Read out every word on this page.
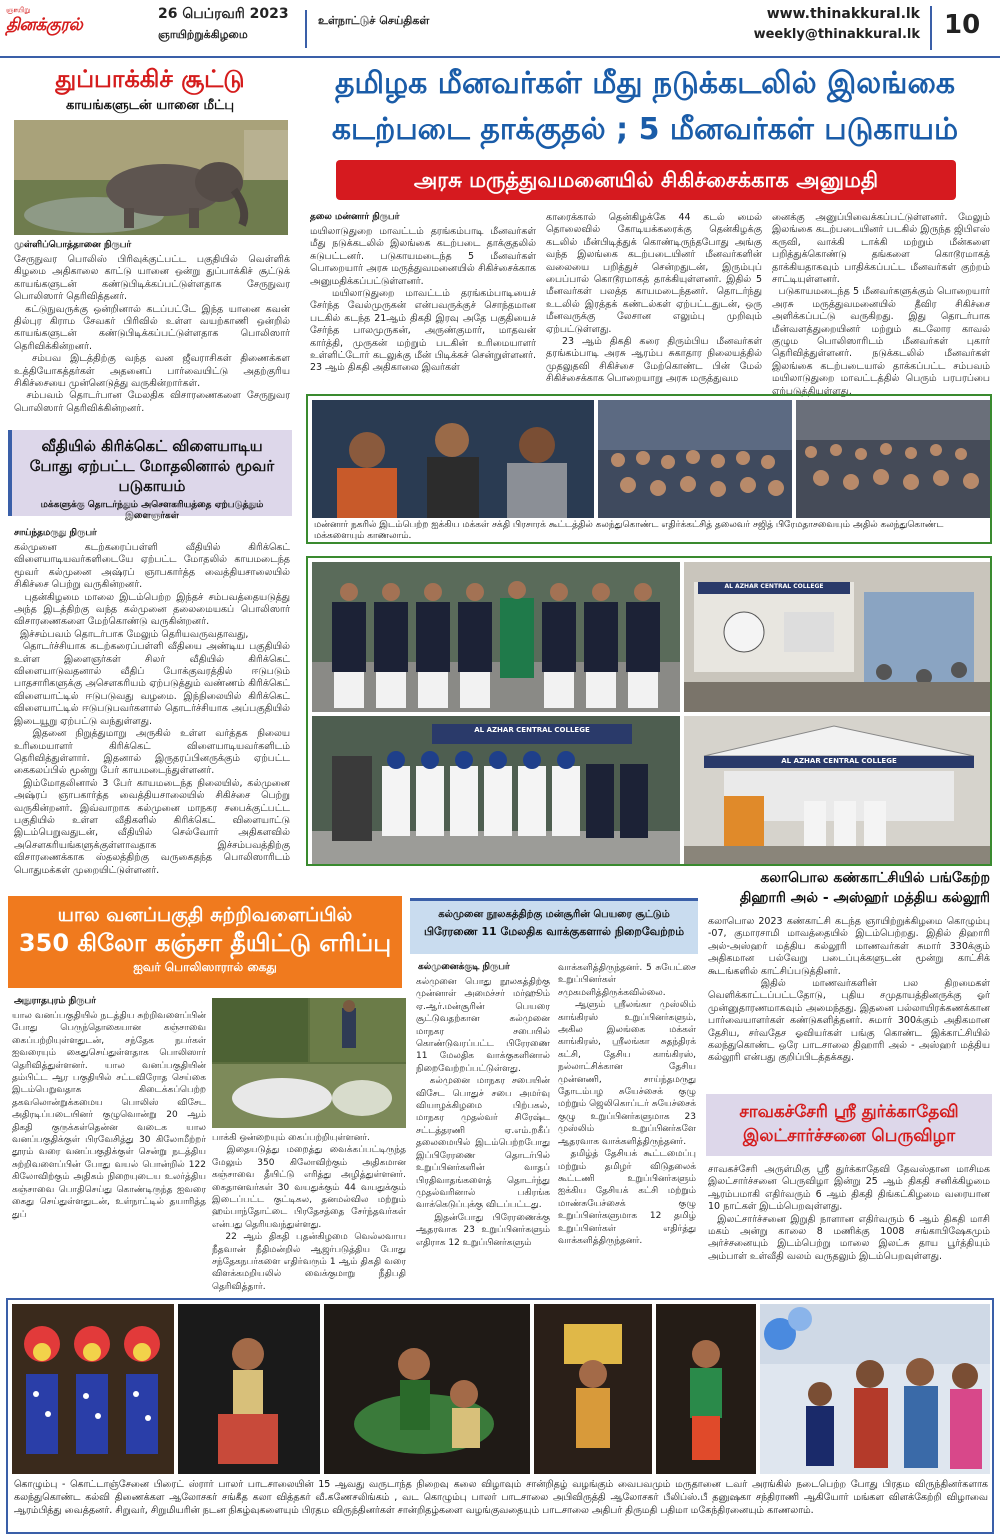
ஞாயிறு
தினக்குரல்
26 பெப்ரவரி 2023
ஞாயிற்றுக்கிழமை
உள்நாட்டுச் செய்திகள்	www.thinakkural.lk
weekly@thinakkural.lk 10
துப்பாக்கிச் சூட்டு
காயங்களுடன் யானை மீட்பு
முள்ளிப்பொத்தானை நிருபர்
சேருநுவர பொலிஸ் பிரிவுக்குட்பட்ட பகுதியில் வெள்ளிக் கிழமை அதிகாலை காட்டு யானை ஒன்று துப்பாக்கிச் சூட்டுக் காயங்களுடன் கண்டுபிடிக்கப்பட்டுள்ளதாக சேருநுவர பொலிஸார் தெரிவித்தனர்.
கட்டுநுவருக்கு ஒன்றினால் கடப்பட்டே இந்த யானை கவன் தில்புர கிராம சேவகர் பிரிவில் உள்ள வயற்காணி ஒன்றில் காயங்களுடன் கண்டுபிடிக்கப்பட்டுள்ளதாக பொலிஸார் தெரிவிக்கின்றனர்.
சம்பவ இடத்திற்கு வந்த வன ஜீவராசிகள் திணைக்கள உத்தியோகத்தர்கள் அதனைப் பார்வையிட்டு அதற்குரிய சிகிச்சையை முன்னெடுத்து வருகின்றார்கள்.
சம்பவம் தொடர்பான மேலதிக விசாரணைகளை சேருநுவர பொலிஸார் தெரிவிக்கின்றனர்.
வீதியில் கிரிக்கெட் விளையாடிய போது ஏற்பட்ட மோதலினால் மூவர் படுகாயம்
மக்களுக்கு தொடர்ந்தும் அசௌகரியத்தை ஏற்படுத்தும் இளைஞர்கள்
சாய்ந்தமருது நிருபர்
கல்முனை கடற்கரைப்பள்ளி வீதியில் கிரிக்கெட் விளையாடியவர்களிடையே ஏற்பட்ட மோதலில் காயமடைந்த மூவர் கல்முனை அஷ்ரப் ஞாபகார்த்த வைத்தியசாலையில் சிகிச்சை பெற்று வருகின்றனர்.
புதன்கிழமை மாலை இடம்பெற்ற இந்தச் சம்பவத்தையடுத்து அந்த இடத்திற்கு வந்த கல்முனை தலைமையகப் பொலிஸார் விசாரணைகளை மேற்கொண்டு வருகின்றனர்.
இச்சம்பவம் தொடர்பாக மேலும் தெரியவருவதாவது,
தொடர்ச்சியாக கடற்கரைப்பள்ளி வீதியை அண்டிய பகுதியில் உள்ள இளைஞர்கள் சிலர் வீதியில் கிரிக்கெட் விளையாடுவதனால் வீதிப் போக்குவரத்தில் ஈடுபடும் பாதசாரிகளுக்கு அசௌகரியம் ஏற்படுத்தும் வண்ணம் கிரிக்கெட் விளையாட்டில் ஈடுபடுவது வழமை. இந்நிலையில் கிரிக்கெட் விளையாட்டில் ஈடுபடுபவர்களால் தொடர்ச்சியாக அப்பகுதியில் இடையூறு ஏற்பட்டு வந்துள்ளது.
இதனை நிறுத்துமாறு அருகில் உள்ள வர்த்தக நிலைய உரிமையாளர் கிரிக்கெட் விளையாடியவர்களிடம் தெரிவித்துள்ளார். இதனால் இருதரப்பினருக்கும் ஏற்பட்ட கைகலப்பில் மூன்று பேர் காயமடைந்துள்ளனர்.
இம்மோதலினால் 3 பேர் காயமடைந்த நிலையில், கல்முனை அஷ்ரப் ஞாபகார்த்த வைத்தியசாலையில் சிகிச்சை பெற்று வருகின்றனர். இவ்வாறாக கல்முனை மாநகர சபைக்குட்பட்ட பகுதியில் உள்ள வீதிகளில் கிரிக்கெட் விளையாட்டு இடம்பெறுவதுடன், வீதியில் செல்வோர் அதிகளவில் அசௌகரியங்களுக்குள்ளாவதாக இச்சம்பவத்திற்கு விசாரணைக்காக ஸ்தலத்திற்கு வருகைதந்த பொலிஸாரிடம் பொதுமக்கள் முறையிட்டுள்ளனர்.
தமிழக மீனவர்கள் மீது நடுக்கடலில் இலங்கை
கடற்படை தாக்குதல் ; 5 மீனவர்கள் படுகாயம்
அரசு மருத்துவமனையில் சிகிச்சைக்காக அனுமதி
தலை மன்னார் நிருபர்
மயிலாடுதுறை மாவட்டம் தரங்கம்பாடி மீனவர்கள் மீது நடுக்கடலில் இலங்கை கடற்படை தாக்குதலில் சுடுபட்டனர். படுகாயமடைந்த 5 மீனவர்கள் பொறையார் அரசு மருத்துவமனையில் சிகிச்சைக்காக அனுமதிக்கப்பட்டுள்ளனர்.
மயிலாடுதுறை மாவட்டம் தரங்கம்பாடியைச் சேர்ந்த வேல்முருகன் என்பவருக்குச் சொந்தமான படகில் கடந்த 21ஆம் திகதி இரவு அதே பகுதியைச் சேர்ந்த பாலமுருகன், அருண்குமார், மாதவன் கார்த்தி, முருகன் மற்றும் படகின் உரிமையாளர் உள்ளிட்டோர் கடலுக்கு மீன் பிடிக்கச் சென்றுள்ளனர். 23 ஆம் திகதி அதிகாலை இவர்கள்
காரைக்கால் தென்கிழக்கே 44 கடல் மைல் தொலைவில் கோடியக்கரைக்கு தென்கிழக்கு கடலில் மீன்பிடித்துக் கொண்டிருந்தபோது அங்கு வந்த இலங்கை கடற்படையினர் மீனவர்களின் வலையை பறித்துச் சென்றதுடன், இரும்புப் பைப்பால் கொடூரமாகத் தாக்கியுள்ளனர். இதில் 5 மீனவர்கள் பலத்த காயமடைந்தனர். தொடர்ந்து உடலில் இரத்தக் கண்டல்கள் ஏற்பட்டதுடன், ஒரு மீனவருக்கு லேசான எலும்பு முறிவும் ஏற்பட்டுள்ளது.
23 ஆம் திகதி கரை திரும்பிய மீனவர்கள் தரங்கம்பாடி அரசு ஆரம்ப சுகாதார நிலையத்தில் முதலுதவி சிகிச்சை மேற்கொண்ட பின் மேல் சிகிச்சைக்காக பொறையாறு அரசு மருத்துவம
னைக்கு அனுப்பிவைக்கப்பட்டுள்ளனர். மேலும் இலங்கை கடற்படையினர் படகில் இருந்த ஜிபிஎஸ் கருவி, வாக்கி டாக்கி மற்றும் மீன்களை பறித்துக்கொண்டு தங்களை கொடூரமாகத் தாக்கியதாகவும் பாதிக்கப்பட்ட மீனவர்கள் குற்றம் சாட்டியுள்ளனர்.
படுகாயமடைந்த 5 மீனவர்களுக்கும் பொறையார் அரசு மருத்துவமனையில் தீவிர சிகிச்சை அளிக்கப்பட்டு வருகிறது. இது தொடர்பாக மீன்வளத்துறையினர் மற்றும் கடலோர காவல் குழும பொலிஸாரிடம் மீனவர்கள் புகார் தெரிவித்துள்ளனர். நடுக்கடலில் மீனவர்கள் இலங்கை கடற்படையால் தாக்கப்பட்ட சம்பவம் மயிலாடுதுறை மாவட்டத்தில் பெரும் பரபரப்பை ஏற்படுத்தியுள்ளது.
மன்னார் நகரில் இடம்பெற்ற ஐக்கிய மக்கள் சக்தி பிரசாரக் கூட்டத்தில் கலந்துகொண்ட எதிர்க்கட்சித் தலைவர் சஜித் பிரேமதாசவையும் அதில் கலந்துகொண்ட மக்களையும் காணலாம்.
AL AZHAR CENTRAL COLLEGE
AL AZHAR CENTRAL COLLEGE
AL AZHAR CENTRAL COLLEGE
கலாபொல கண்காட்சியில் பங்கேற்ற
திஹாரி அல் - அஸ்ஹர் மத்திய கல்லூரி
கலாபொல 2023 கண்காட்சி கடந்த ஞாயிற்றுக்கிழமை கொழும்பு -07, குமாரசாமி மாவத்தையில் இடம்பெற்றது. இதில் திஹாரி அல்-அஸ்ஹர் மத்திய கல்லூரி மாணவர்கள் சுமார் 330க்கும் அதிகமான பல்வேறு படைப்புக்களுடன் மூன்று காட்சிக் கூடங்களில் காட்சிப்படுத்தினர்.
இதில் மாணவர்களின் பல திறமைகள் வெளிக்காட்டப்பட்டதோடு, புதிய சமுதாயத்தினருக்கு ஓர் முன்னுதாரணமாகவும் அமைந்தது. இதனை பல்லாயிரக்கணக்கான பார்வையாளர்கள் கண்டுகளித்தனர். சுமார் 300க்கும் அதிகமான தேசிய, சர்வதேச ஓவியர்கள் பங்கு கொண்ட இக்காட்சியில் கலந்துகொண்ட ஒரே பாடசாலை திஹாரி அல் - அஸ்ஹர் மத்திய கல்லூரி என்பது குறிப்பிடத்தக்கது.
யால வனப்பகுதி சுற்றிவளைப்பில்
350 கிலோ கஞ்சா தீயிட்டு எரிப்பு
ஐவர் பொலிஸாரால் கைது
அநுராதபுரம் நிருபர்
யால வனப்பகுதியில் நடத்திய சுற்றிவளைப்பின் போது பெருந்தொகையான கஞ்சாவை கைப்பற்றியுள்ளதுடன், சந்தேக நபர்கள் ஐவரையும் கைதுசெய்துள்ளதாக பொலிஸார் தெரிவித்துள்ளனர். யால வனப்பகுதியின் தம்பிட்ட ஆர பகுதியில் சட்டவிரோத செய்கை இடம்பெறுவதாக கிடைக்கப்பெற்ற தகவலொன்றுக்கமைய பொலிஸ் விசேட அதிரடிப்படையினர் குழுவொன்று 20 ஆம் திகதி குருக்கள்தென்ன வடைக யால வனப்பகுதிக்குள் பிரவேசித்து 30 கிலோமீற்றர் தூரம் வரை வனப்பகுதிக்குள் சென்று நடத்திய சுற்றிவளைப்பின் போது வயல் பொன்றில் 122 கிலோவிற்கும் அதிகம் நிறையுடைய உலர்த்திய கஞ்சாவை பொதிசெய்து கொண்டிருந்த ஐவரை கைது செய்துள்ளதுடன், உள்நாட்டில் தயாரித்த துப்
பாக்கி ஒன்றையும் கைப்பற்றியுள்ளனர்.
இதையடுத்து மறைத்து வைக்கப்பட்டிருந்த மேலும் 350 கிலோவிற்கும் அதிகமான கஞ்சாவை தீயிட்டு எரித்து அழித்துள்ளனர். கைதானவர்கள் 30 வயதுக்கும் 44 வயதுக்கும் இடைப்பட்ட குட்டிகல, தனமல்வில மற்றும் ஹம்பாந்தோட்டை பிரதேசத்தை சேர்ந்தவர்கள் என்பது தெரியவந்துள்ளது.
22 ஆம் திகதி புதன்கிழமை வெல்லவாய நீதவான் நீதிமன்றில் ஆஜர்படுத்திய போது சந்தேகநபர்களை எதிர்வரும் 1 ஆம் திகதி வரை விளக்கமறியலில் வைக்குமாறு நீதிபதி தெரிவித்தார்.
கல்முனை நூலகத்திற்கு மன்சூரின் பெயரை சூட்டும்
பிரேரணை 11 மேலதிக வாக்குகளால் நிறைவேற்றம்
கல்முனைக்குடி நிருபர்
கல்முனை பொது நூலகத்திற்கு முன்னாள் அமைச்சர் மர்ஹூம் ஏ.ஆர்.மன்சூரின் பெயரை சூட்டுவதற்கான கல்முனை மாநகர சபையில் கொண்டுவரப்பட்ட பிரேரணை 11 மேலதிக வாக்குகளினால் நிறைவேற்றப்பட்டுள்ளது.
கல்முனை மாநகர சபையின் விசேட பொதுச் சபை அமர்வு வியாழக்கிழமை பிற்பகல், மாநகர முதல்வர் சிரேஷ்ட சட்டத்தரணி ஏ.எம்.றகீப் தலைமையில் இடம்பெற்றபோது இப்பிரேரணை தொடர்பில் உறுப்பினர்களின் வாதப் பிரதிவாதங்களைத் தொடர்ந்து முதல்வரினால் பகிரங்க வாக்கெடுப்புக்கு விடப்பட்டது.
இதன்போது பிரேரணைக்கு ஆதரவாக 23 உறுப்பினர்களும் எதிராக 12 உறுப்பினர்களும்
வாக்களித்திருந்தனர். 5 சுயேட்சை உறுப்பினர்கள் சமுகமளித்திருக்கவில்லை.
ஆளும் ஸ்ரீலங்கா முஸ்லிம் காங்கிரஸ் உறுப்பினர்களும், அகில இலங்கை மக்கள் காங்கிரஸ், ஸ்ரீலங்கா சுதந்திரக் கட்சி, தேசிய காங்கிரஸ், நல்லாட்சிக்கான தேசிய முன்னணி, சாய்ந்தமருது தோடம்பழ சுயேச்சைக் குழு மற்றும் ஜெலிகொப்டர் சுயேச்சைக் குழு உறுப்பினர்களுமாக 23 முஸ்லிம் உறுப்பினர்களே ஆதரவாக வாக்களித்திருந்தனர்.
தமிழ்த் தேசியக் கூட்டமைப்பு மற்றும் தமிழர் விடுதலைக் கூட்டணி உறுப்பினர்களும் ஐக்கிய தேசியக் கட்சி மற்றும் மாண்சுயேச்சைக் குழு உறுப்பினர்களுமாக 12 தமிழ் உறுப்பினர்கள் எதிர்த்து வாக்களித்திருந்தனர்.
சாவகச்சேரி ஸ்ரீ துர்க்காதேவி
இலட்சார்ச்சனை பெருவிழா
சாவகச்சேரி அருள்மிகு ஸ்ரீ துர்க்காதேவி தேவஸ்தான மாசிமக இலட்சார்ச்சனை பெருவிழா இன்று 25 ஆம் திகதி சனிக்கிழமை ஆரம்பமாகி எதிர்வரும் 6 ஆம் திகதி திங்கட்கிழமை வரையான 10 நாட்கள் இடம்பெறவுள்ளது.
இலட்சார்ச்சனை இறுதி நாளான எதிர்வரும் 6 ஆம் திகதி மாசி மகம் அன்று காலை 8 மணிக்கு 1008 சங்காபிஷேகமும் அர்ச்சனையும் இடம்பெற்று மாலை இலட்சு தாய பூர்த்தியும் அம்பாள் உள்வீதி வலம் வருதலும் இடம்பெறவுள்ளது.
கொழும்பு - கொட்டாஞ்சேனை பிரைட் ஸ்ரார் பாலர் பாடசாலையின் 15 ஆவது வருடாந்த நிறைவு கலை விழாவும் சான்றிதழ் வழங்கும் வைபவமும் மருதானை டவர் அரங்கில் நடைபெற்ற போது பிரதம விருந்தினர்களாக கலந்துகொண்ட கல்வி திணைக்கள ஆலோசகர் சங்கீத கலா வித்தகர் வீ.கணேசலிங்கம் , வட கொழும்பு பாலர் பாடசாலை அபிவிருத்தி ஆலோசகர் பீலிப்ஸ்.பீ தனுஷகா சந்திராணி ஆகியோர் மங்கள விளக்கேற்றி விழாவை ஆரம்பித்து வைத்தனர். சிறுவர், சிறுமியரின் நடன நிகழ்வுகளையும் பிரதம விருந்தினர்கள் சான்றிதழ்களை வழங்குவதையும் பாடசாலை அதிபர் திருமதி பதிமா மகேந்திரனையும் காணலாம்.
